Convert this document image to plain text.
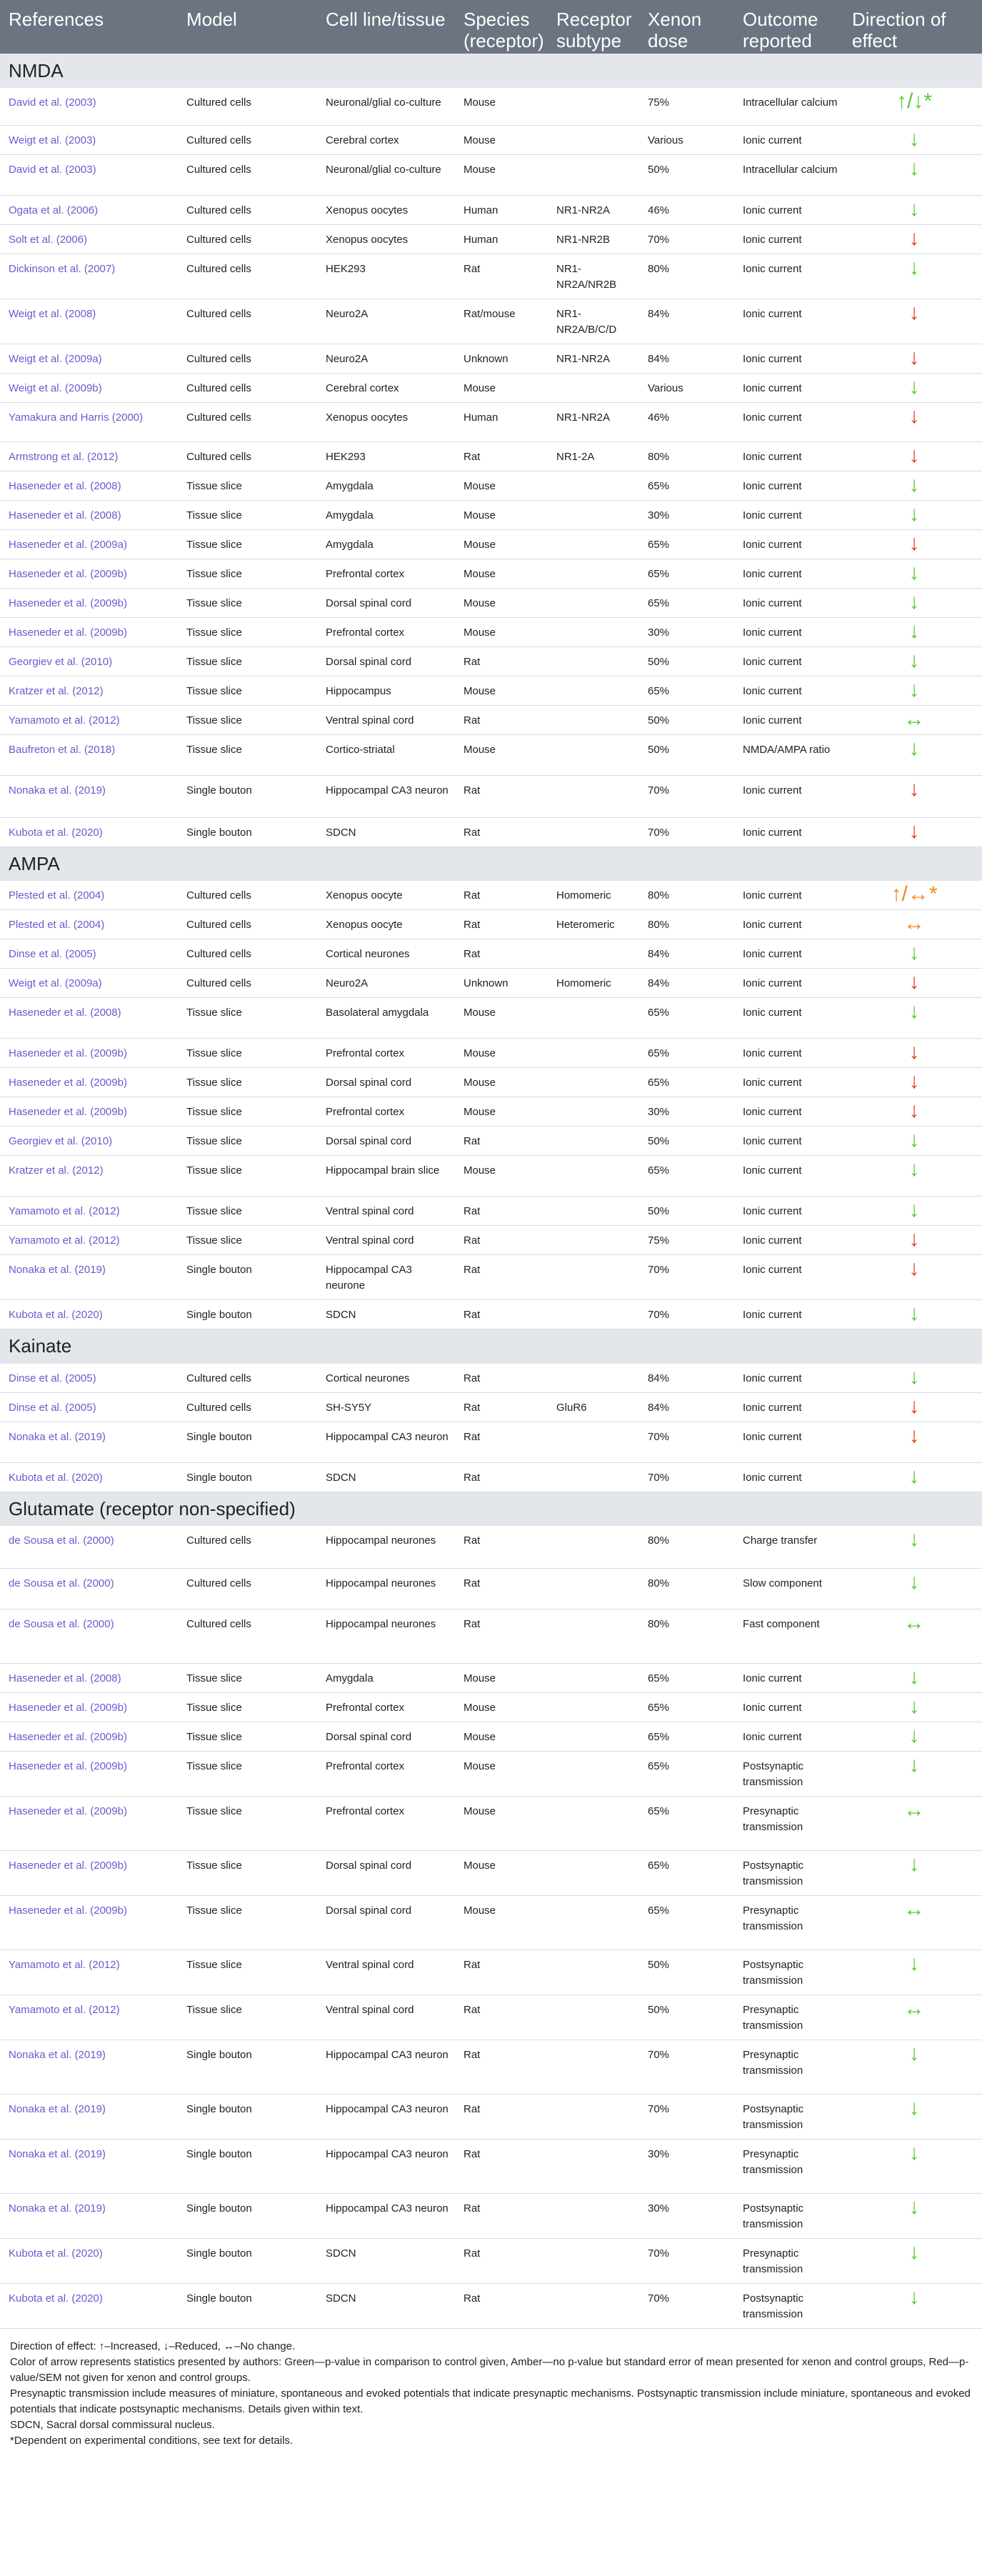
References	Model	Cell line/tissue	Species (receptor)	Receptor subtype	Xenon dose	Outcome reported	Direction of effect
NMDA							
David et al. (2003)	Cultured cells	Neuronal/glial co-culture	Mouse		75%	Intracellular calcium	↑/↓*
Weigt et al. (2003)	Cultured cells	Cerebral cortex	Mouse		Various	Ionic current	↓
David et al. (2003)	Cultured cells	Neuronal/glial co-culture	Mouse		50%	Intracellular calcium	↓
Ogata et al. (2006)	Cultured cells	Xenopus oocytes	Human	NR1-NR2A	46%	Ionic current	↓
Solt et al. (2006)	Cultured cells	Xenopus oocytes	Human	NR1-NR2B	70%	Ionic current	↓
Dickinson et al. (2007)	Cultured cells	HEK293	Rat	NR1-NR2A/NR2B	80%	Ionic current	↓
Weigt et al. (2008)	Cultured cells	Neuro2A	Rat/mouse	NR1-NR2A/B/C/D	84%	Ionic current	↓
Weigt et al. (2009a)	Cultured cells	Neuro2A	Unknown	NR1-NR2A	84%	Ionic current	↓
Weigt et al. (2009b)	Cultured cells	Cerebral cortex	Mouse		Various	Ionic current	↓
Yamakura and Harris (2000)	Cultured cells	Xenopus oocytes	Human	NR1-NR2A	46%	Ionic current	↓
Armstrong et al. (2012)	Cultured cells	HEK293	Rat	NR1-2A	80%	Ionic current	↓
Haseneder et al. (2008)	Tissue slice	Amygdala	Mouse		65%	Ionic current	↓
Haseneder et al. (2008)	Tissue slice	Amygdala	Mouse		30%	Ionic current	↓
Haseneder et al. (2009a)	Tissue slice	Amygdala	Mouse		65%	Ionic current	↓
Haseneder et al. (2009b)	Tissue slice	Prefrontal cortex	Mouse		65%	Ionic current	↓
Haseneder et al. (2009b)	Tissue slice	Dorsal spinal cord	Mouse		65%	Ionic current	↓
Haseneder et al. (2009b)	Tissue slice	Prefrontal cortex	Mouse		30%	Ionic current	↓
Georgiev et al. (2010)	Tissue slice	Dorsal spinal cord	Rat		50%	Ionic current	↓
Kratzer et al. (2012)	Tissue slice	Hippocampus	Mouse		65%	Ionic current	↓
Yamamoto et al. (2012)	Tissue slice	Ventral spinal cord	Rat		50%	Ionic current	↔
Baufreton et al. (2018)	Tissue slice	Cortico-striatal	Mouse		50%	NMDA/AMPA ratio	↓
Nonaka et al. (2019)	Single bouton	Hippocampal CA3 neuron	Rat		70%	Ionic current	↓
Kubota et al. (2020)	Single bouton	SDCN	Rat		70%	Ionic current	↓
AMPA							
Plested et al. (2004)	Cultured cells	Xenopus oocyte	Rat	Homomeric	80%	Ionic current	↑/↔*
Plested et al. (2004)	Cultured cells	Xenopus oocyte	Rat	Heteromeric	80%	Ionic current	↔
Dinse et al. (2005)	Cultured cells	Cortical neurones	Rat		84%	Ionic current	↓
Weigt et al. (2009a)	Cultured cells	Neuro2A	Unknown	Homomeric	84%	Ionic current	↓
Haseneder et al. (2008)	Tissue slice	Basolateral amygdala	Mouse		65%	Ionic current	↓
Haseneder et al. (2009b)	Tissue slice	Prefrontal cortex	Mouse		65%	Ionic current	↓
Haseneder et al. (2009b)	Tissue slice	Dorsal spinal cord	Mouse		65%	Ionic current	↓
Haseneder et al. (2009b)	Tissue slice	Prefrontal cortex	Mouse		30%	Ionic current	↓
Georgiev et al. (2010)	Tissue slice	Dorsal spinal cord	Rat		50%	Ionic current	↓
Kratzer et al. (2012)	Tissue slice	Hippocampal brain slice	Mouse		65%	Ionic current	↓
Yamamoto et al. (2012)	Tissue slice	Ventral spinal cord	Rat		50%	Ionic current	↓
Yamamoto et al. (2012)	Tissue slice	Ventral spinal cord	Rat		75%	Ionic current	↓
Nonaka et al. (2019)	Single bouton	Hippocampal CA3 neurone	Rat		70%	Ionic current	↓
Kubota et al. (2020)	Single bouton	SDCN	Rat		70%	Ionic current	↓
Kainate							
Dinse et al. (2005)	Cultured cells	Cortical neurones	Rat		84%	Ionic current	↓
Dinse et al. (2005)	Cultured cells	SH-SY5Y	Rat	GluR6	84%	Ionic current	↓
Nonaka et al. (2019)	Single bouton	Hippocampal CA3 neuron	Rat		70%	Ionic current	↓
Kubota et al. (2020)	Single bouton	SDCN	Rat		70%	Ionic current	↓
Glutamate (receptor non-specified)							
de Sousa et al. (2000)	Cultured cells	Hippocampal neurones	Rat		80%	Charge transfer	↓
de Sousa et al. (2000)	Cultured cells	Hippocampal neurones	Rat		80%	Slow component	↓
de Sousa et al. (2000)	Cultured cells	Hippocampal neurones	Rat		80%	Fast component	↔
Haseneder et al. (2008)	Tissue slice	Amygdala	Mouse		65%	Ionic current	↓
Haseneder et al. (2009b)	Tissue slice	Prefrontal cortex	Mouse		65%	Ionic current	↓
Haseneder et al. (2009b)	Tissue slice	Dorsal spinal cord	Mouse		65%	Ionic current	↓
Haseneder et al. (2009b)	Tissue slice	Prefrontal cortex	Mouse		65%	Postsynaptic transmission	↓
Haseneder et al. (2009b)	Tissue slice	Prefrontal cortex	Mouse		65%	Presynaptic transmission	↔
Haseneder et al. (2009b)	Tissue slice	Dorsal spinal cord	Mouse		65%	Postsynaptic transmission	↓
Haseneder et al. (2009b)	Tissue slice	Dorsal spinal cord	Mouse		65%	Presynaptic transmission	↔
Yamamoto et al. (2012)	Tissue slice	Ventral spinal cord	Rat		50%	Postsynaptic transmission	↓
Yamamoto et al. (2012)	Tissue slice	Ventral spinal cord	Rat		50%	Presynaptic transmission	↔
Nonaka et al. (2019)	Single bouton	Hippocampal CA3 neuron	Rat		70%	Presynaptic transmission	↓
Nonaka et al. (2019)	Single bouton	Hippocampal CA3 neuron	Rat		70%	Postsynaptic transmission	↓
Nonaka et al. (2019)	Single bouton	Hippocampal CA3 neuron	Rat		30%	Presynaptic transmission	↓
Nonaka et al. (2019)	Single bouton	Hippocampal CA3 neuron	Rat		30%	Postsynaptic transmission	↓
Kubota et al. (2020)	Single bouton	SDCN	Rat		70%	Presynaptic transmission	↓
Kubota et al. (2020)	Single bouton	SDCN	Rat		70%	Postsynaptic transmission	↓

Direction of effect: ↑–Increased, ↓–Reduced, ↔–No change.

Color of arrow represents statistics presented by authors: Green—p-value in comparison to control given, Amber—no p-value but standard error of mean presented for xenon and control groups, Red—p-value/SEM not given for xenon and control groups.

Presynaptic transmission include measures of miniature, spontaneous and evoked potentials that indicate presynaptic mechanisms. Postsynaptic transmission include miniature, spontaneous and evoked potentials that indicate postsynaptic mechanisms. Details given within text.

SDCN, Sacral dorsal commissural nucleus.

*Dependent on experimental conditions, see text for details.
